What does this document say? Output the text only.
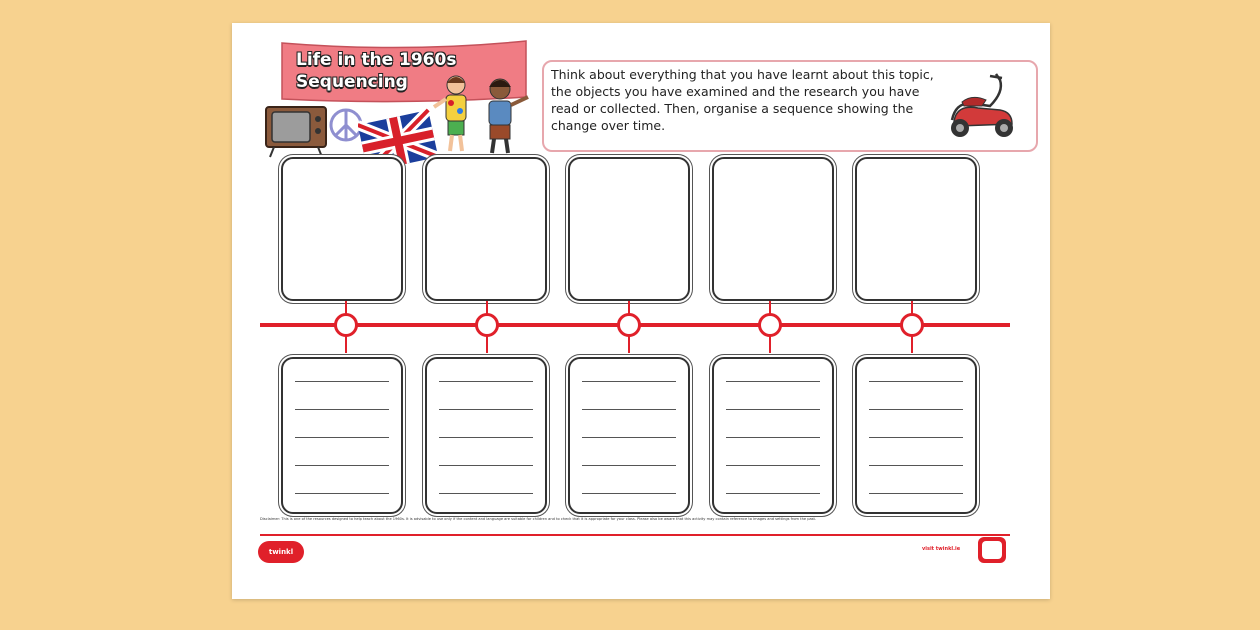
Life in the 1960s
Sequencing	Think about everything that you have learnt about this topic, the objects you have examined and the research you have read or collected. Then, organise a sequence showing the change over time.
Disclaimer: This is one of the resources designed to help teach about the 1960s. It is advisable to use only if the content and language are suitable for children and to check that it is appropriate for your class. Please also be aware that this activity may contain reference to images and settings from the past.
twinkl	visit twinkl.ie
